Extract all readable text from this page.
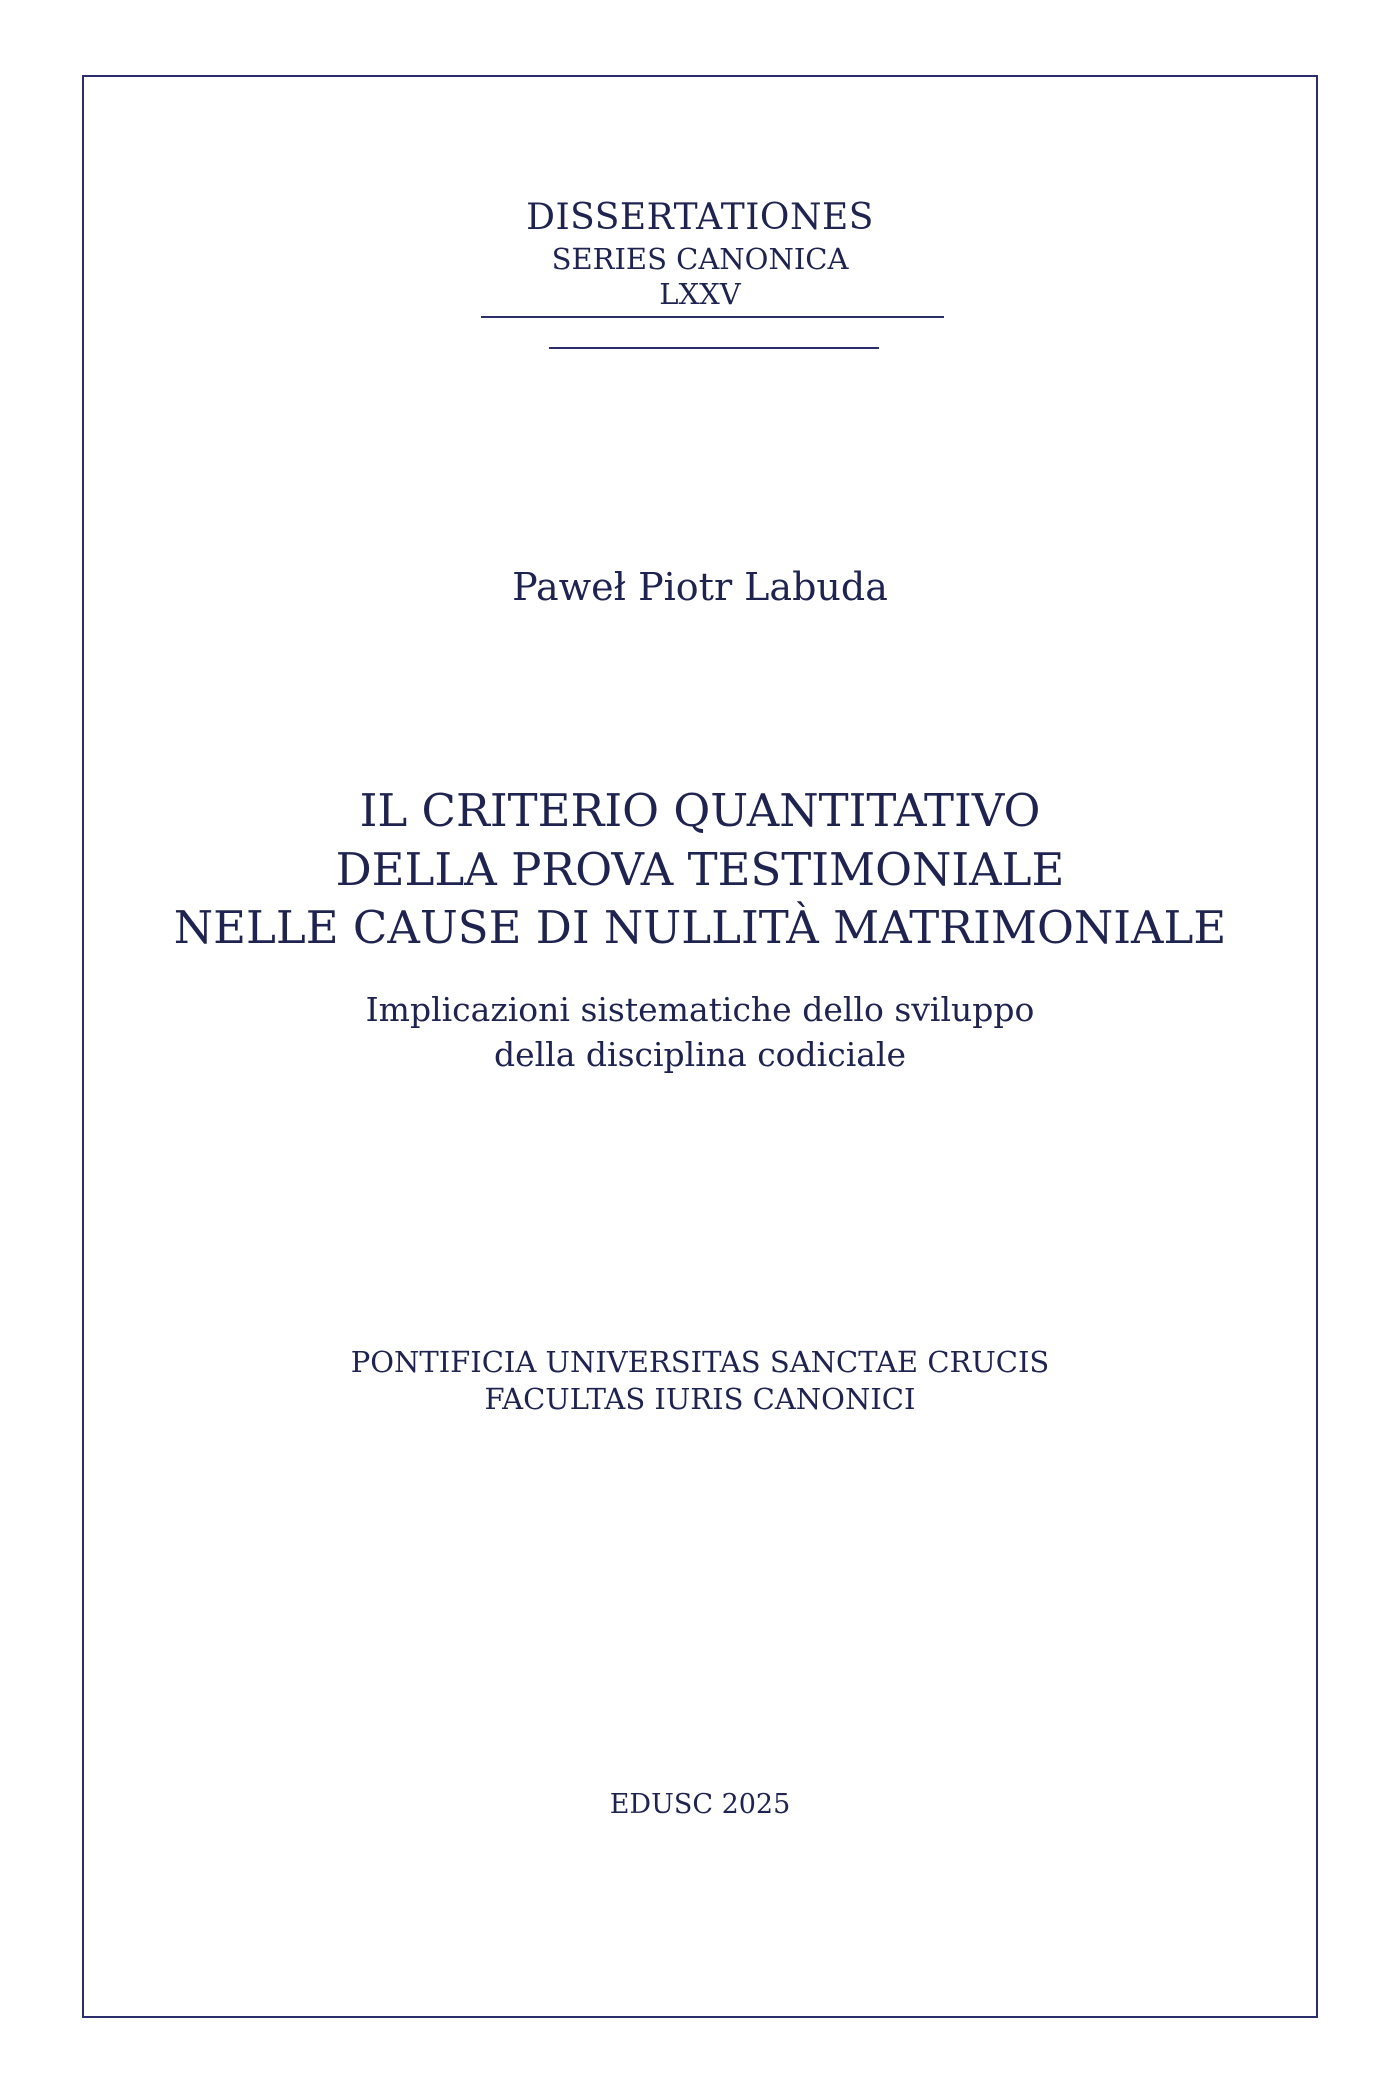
DISSERTATIONES
SERIES CANONICA
LXXV
Paweł Piotr Labuda
IL CRITERIO QUANTITATIVO
DELLA PROVA TESTIMONIALE
NELLE CAUSE DI NULLITÀ MATRIMONIALE
Implicazioni sistematiche dello sviluppo
della disciplina codiciale
PONTIFICIA UNIVERSITAS SANCTAE CRUCIS
FACULTAS IURIS CANONICI
EDUSC 2025
